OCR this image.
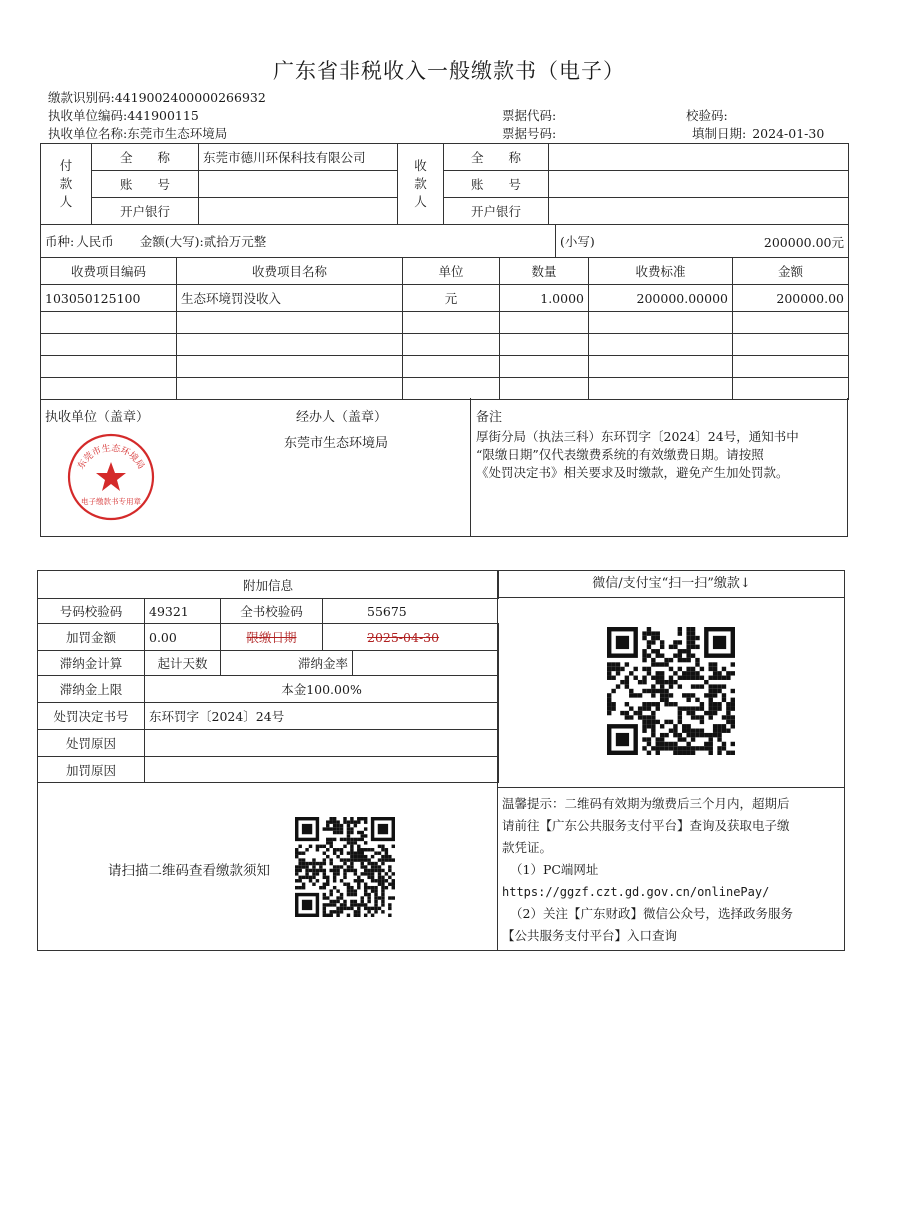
广东省非税收入一般缴款书（电子）
缴款识别码:4419002400000266932
执收单位编码:441900115
执收单位名称:东莞市生态环境局
票据代码:
票据号码:
校验码:
填制日期: 2024-01-30
付款人	全　　称	东莞市德川环保科技有限公司	收款人	全　　称	
	账　　号			账　　号	
	开户银行			开户银行	
币种: 人民币 金额(大写):贰拾万元整	(小写)	200000.00元
收费项目编码	收费项目名称	单位	数量	收费标准	金额
103050125100	生态环境罚没收入	元	1.0000	200000.00000	200000.00

执收单位（盖章）	经办人（盖章）
东莞市生态环境局
备注
厚街分局（执法三科）东环罚字〔2024〕24号，通知书中
“限缴日期”仅代表缴费系统的有效缴费日期。请按照
《处罚决定书》相关要求及时缴款，避免产生加处罚款。
东莞市生态环境局
电子缴款书专用章
附加信息				
号码校验码	49321	全书校验码	55675	
加罚金额	0.00	限缴日期	2025-04-30	
滞纳金计算	起计天数	滞纳金率		
滞纳金上限	本金100.00%			
处罚决定书号	东环罚字〔2024〕24号			
处罚原因				
加罚原因				
请扫描二维码查看缴款须知
微信/支付宝“扫一扫”缴款↓
温馨提示：二维码有效期为缴费后三个月内，超期后
请前往【广东公共服务支付平台】查询及获取电子缴
款凭证。
（1）PC端网址
https://ggzf.czt.gd.gov.cn/onlinePay/
（2）关注【广东财政】微信公众号，选择政务服务
【公共服务支付平台】入口查询
